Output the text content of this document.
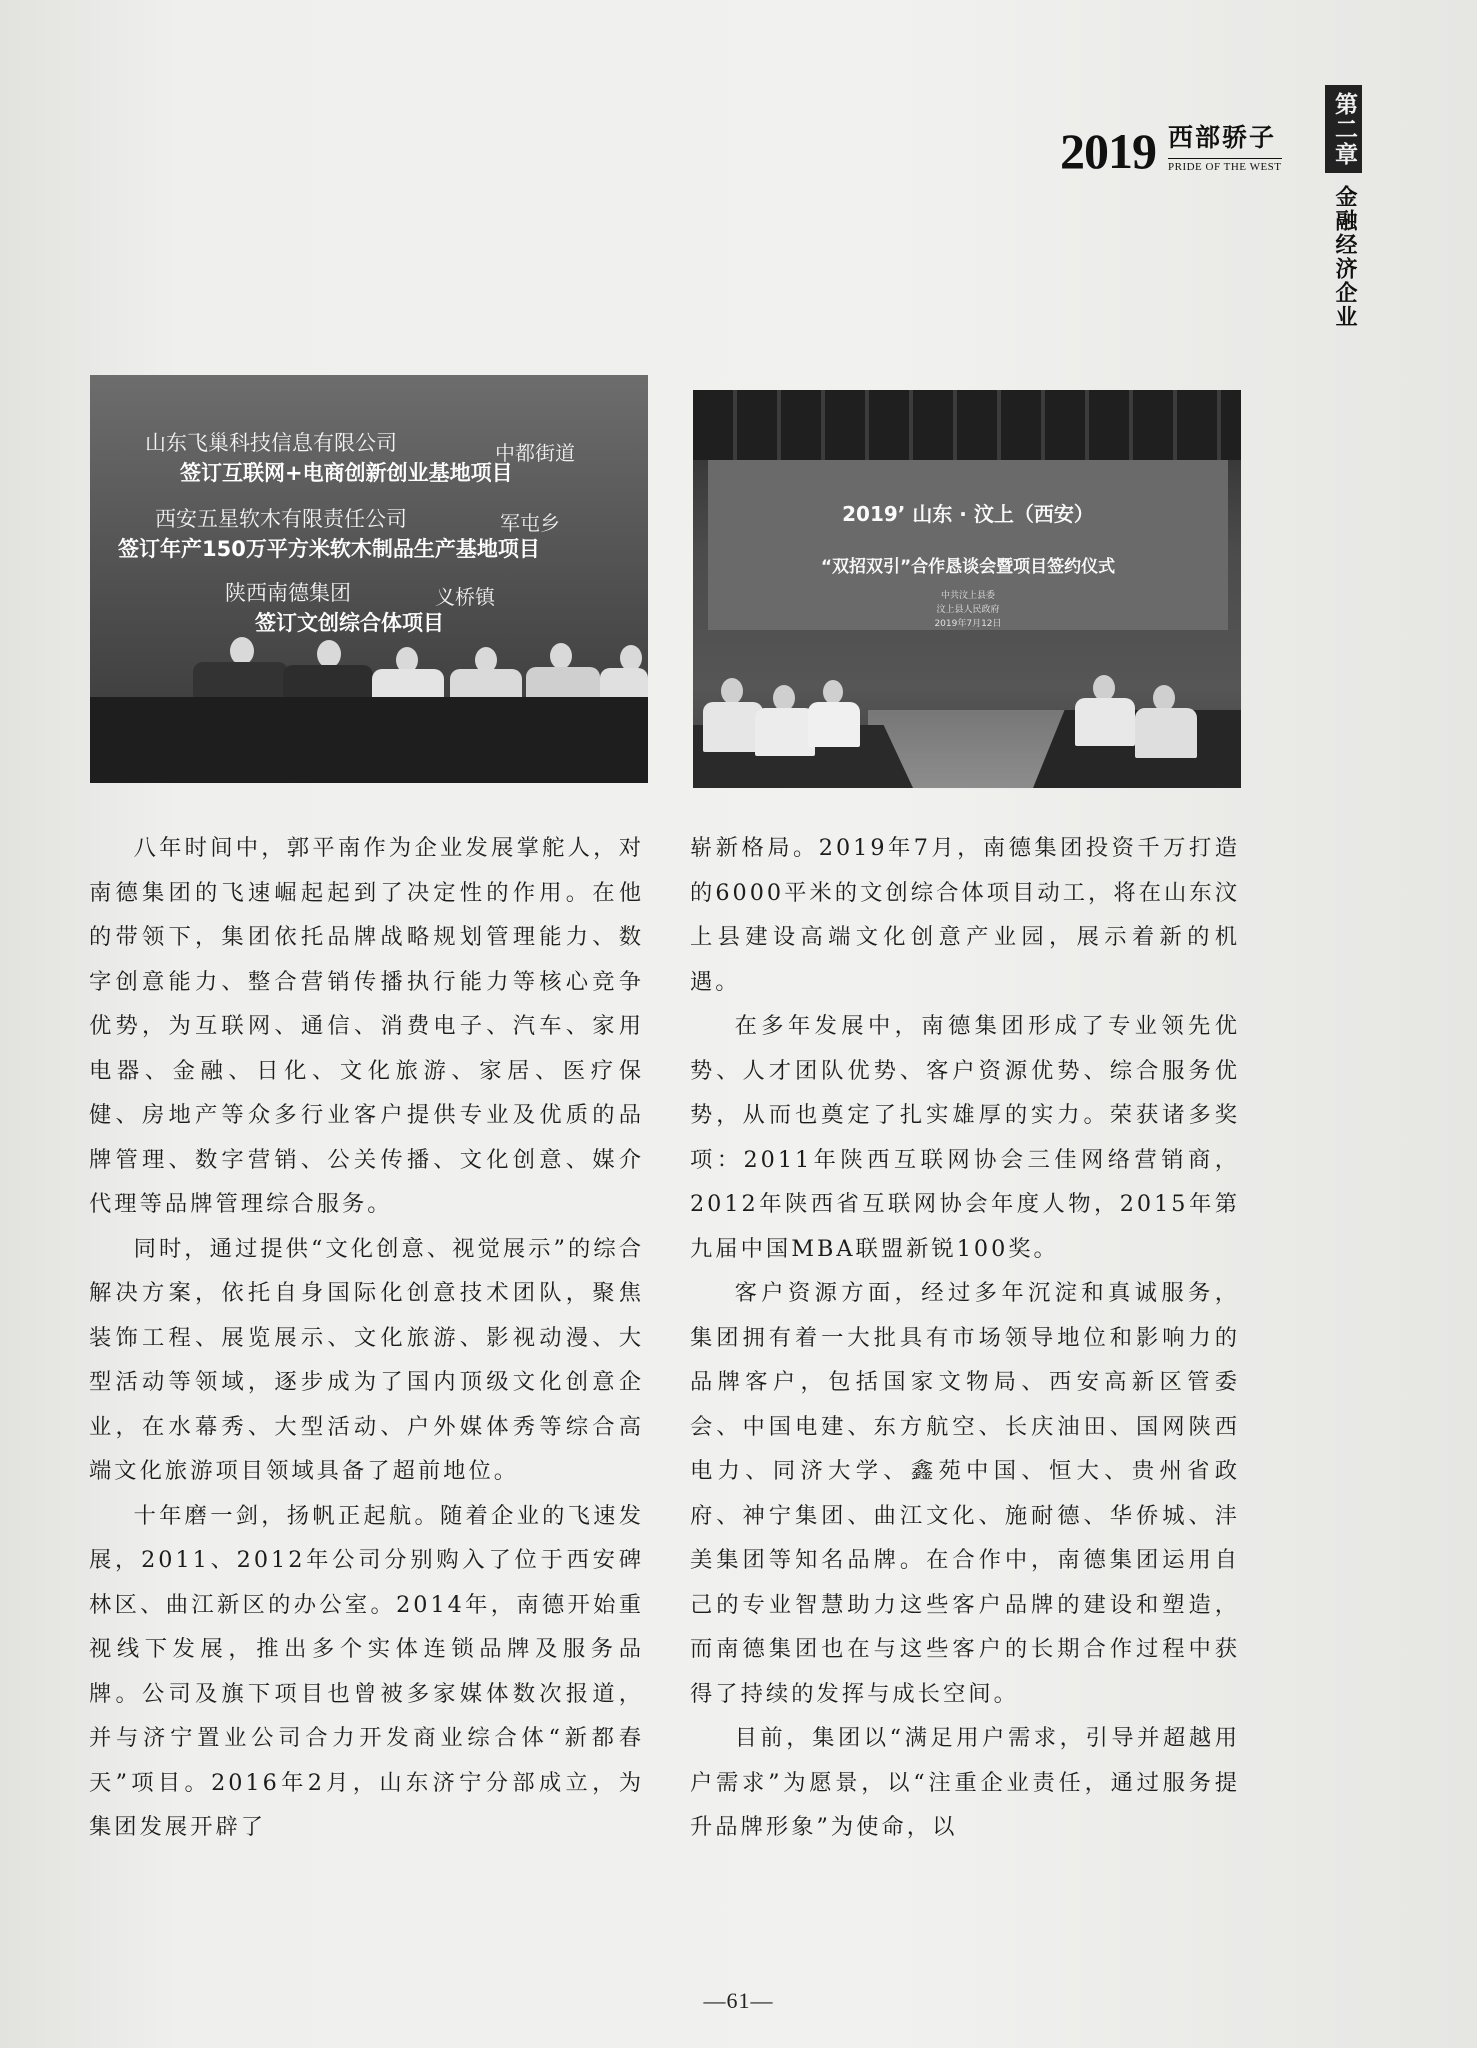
2019 西部骄子
PRIDE OF THE WEST
第二章
金融经济企业
山东飞巢科技信息有限公司	中都街道
签订互联网+电商创新创业基地项目
西安五星软木有限责任公司	军屯乡
签订年产150万平方米软木制品生产基地项目
陕西南德集团	义桥镇
签订文创综合体项目
2019’ 山东 · 汶上（西安）
“双招双引”合作恳谈会暨项目签约仪式
中共汶上县委
汶上县人民政府
2019年7月12日

八年时间中，郭平南作为企业发展掌舵人，对南德集团的飞速崛起起到了决定性的作用。在他的带领下，集团依托品牌战略规划管理能力、数字创意能力、整合营销传播执行能力等核心竞争优势，为互联网、通信、消费电子、汽车、家用电器、金融、日化、文化旅游、家居、医疗保健、房地产等众多行业客户提供专业及优质的品牌管理、数字营销、公关传播、文化创意、媒介代理等品牌管理综合服务。

同时，通过提供“文化创意、视觉展示”的综合解决方案，依托自身国际化创意技术团队，聚焦装饰工程、展览展示、文化旅游、影视动漫、大型活动等领域，逐步成为了国内顶级文化创意企业，在水幕秀、大型活动、户外媒体秀等综合高端文化旅游项目领域具备了超前地位。

十年磨一剑，扬帆正起航。随着企业的飞速发展，2011、2012年公司分别购入了位于西安碑林区、曲江新区的办公室。2014年，南德开始重视线下发展，推出多个实体连锁品牌及服务品牌。公司及旗下项目也曾被多家媒体数次报道，并与济宁置业公司合力开发商业综合体“新都春天”项目。2016年2月，山东济宁分部成立，为集团发展开辟了

崭新格局。2019年7月，南德集团投资千万打造的6000平米的文创综合体项目动工，将在山东汶上县建设高端文化创意产业园，展示着新的机遇。

在多年发展中，南德集团形成了专业领先优势、人才团队优势、客户资源优势、综合服务优势，从而也奠定了扎实雄厚的实力。荣获诸多奖项：2011年陕西互联网协会三佳网络营销商，2012年陕西省互联网协会年度人物，2015年第九届中国MBA联盟新锐100奖。

客户资源方面，经过多年沉淀和真诚服务，集团拥有着一大批具有市场领导地位和影响力的品牌客户，包括国家文物局、西安高新区管委会、中国电建、东方航空、长庆油田、国网陕西电力、同济大学、鑫苑中国、恒大、贵州省政府、神宁集团、曲江文化、施耐德、华侨城、沣美集团等知名品牌。在合作中，南德集团运用自己的专业智慧助力这些客户品牌的建设和塑造，而南德集团也在与这些客户的长期合作过程中获得了持续的发挥与成长空间。

目前，集团以“满足用户需求，引导并超越用户需求”为愿景，以“注重企业责任，通过服务提升品牌形象”为使命，以

—61—
